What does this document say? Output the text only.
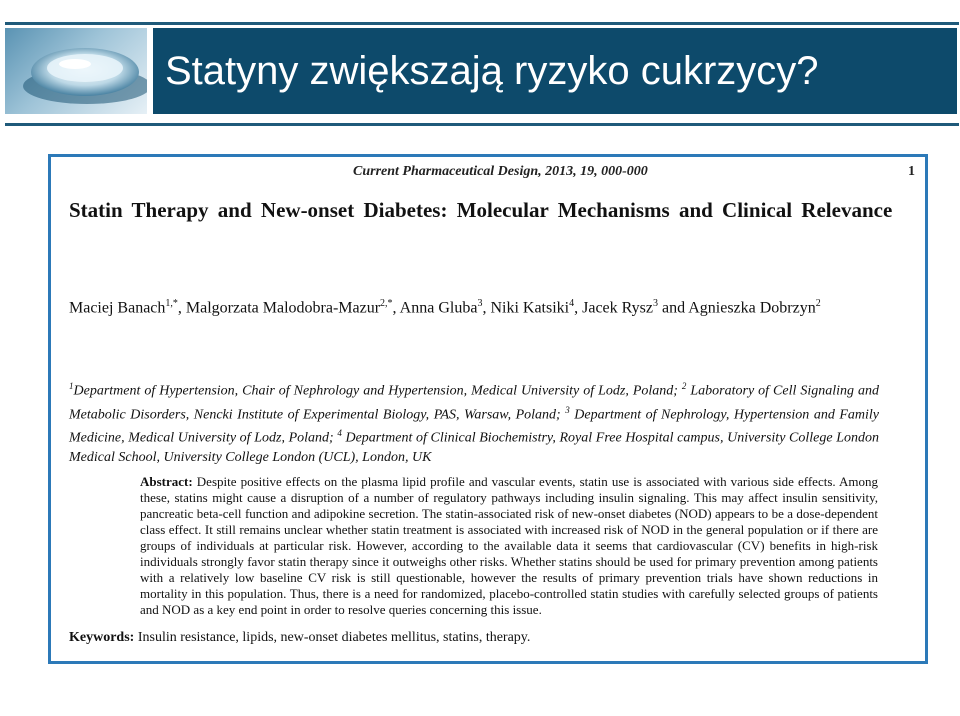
Statyny zwiększają ryzyko cukrzycy?
Current Pharmaceutical Design, 2013, 19, 000-000	1
Statin Therapy and New-onset Diabetes: Molecular Mechanisms and Clinical Relevance
Maciej Banach$^{1,*}$, Malgorzata Malodobra-Mazur$^{2,*}$, Anna Gluba$^3$, Niki Katsiki$^4$, Jacek Rysz$^3$ and Agnieszka Dobrzyn$^2$
$^1$Department of Hypertension, Chair of Nephrology and Hypertension, Medical University of Lodz, Poland; $^2$ Laboratory of Cell Signaling and Metabolic Disorders, Nencki Institute of Experimental Biology, PAS, Warsaw, Poland; $^3$ Department of Nephrology, Hypertension and Family Medicine, Medical University of Lodz, Poland; $^4$ Department of Clinical Biochemistry, Royal Free Hospital campus, University College London Medical School, University College London (UCL), London, UK
Abstract: Despite positive effects on the plasma lipid profile and vascular events, statin use is associated with various side effects. Among these, statins might cause a disruption of a number of regulatory pathways including insulin signaling. This may affect insulin sensitivity, pancreatic beta-cell function and adipokine secretion. The statin-associated risk of new-onset diabetes (NOD) appears to be a dose-dependent class effect. It still remains unclear whether statin treatment is associated with increased risk of NOD in the general population or if there are groups of individuals at particular risk. However, according to the available data it seems that cardiovascular (CV) benefits in high-risk individuals strongly favor statin therapy since it outweighs other risks. Whether statins should be used for primary prevention among patients with a relatively low baseline CV risk is still questionable, however the results of primary prevention trials have shown reductions in mortality in this population. Thus, there is a need for randomized, placebo-controlled statin studies with carefully selected groups of patients and NOD as a key end point in order to resolve queries concerning this issue.
Keywords: Insulin resistance, lipids, new-onset diabetes mellitus, statins, therapy.
